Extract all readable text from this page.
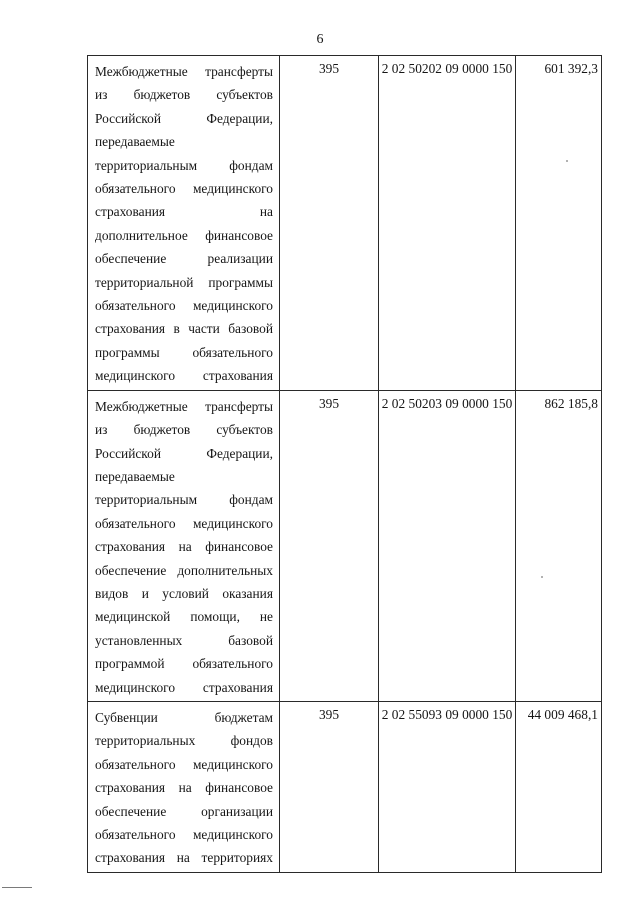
6
Межбюджетные трансферты из бюджетов субъектов Российской Федерации, передаваемые территориальным фондам обязательного медицинского страхования на дополнительное финансовое обеспечение реализации территориальной программы обязательного медицинского страхования в части базовой программы обязательного медицинского страхования	395	2 02 50202 09 0000 150	601 392,3
Межбюджетные трансферты из бюджетов субъектов Российской Федерации, передаваемые территориальным фондам обязательного медицинского страхования на финансовое обеспечение дополнительных видов и условий оказания медицинской помощи, не установленных базовой программой обязательного медицинского страхования	395	2 02 50203 09 0000 150	862 185,8
Субвенции бюджетам территориальных фондов обязательного медицинского страхования на финансовое обеспечение организации обязательного медицинского страхования на территориях	395	2 02 55093 09 0000 150	44 009 468,1
